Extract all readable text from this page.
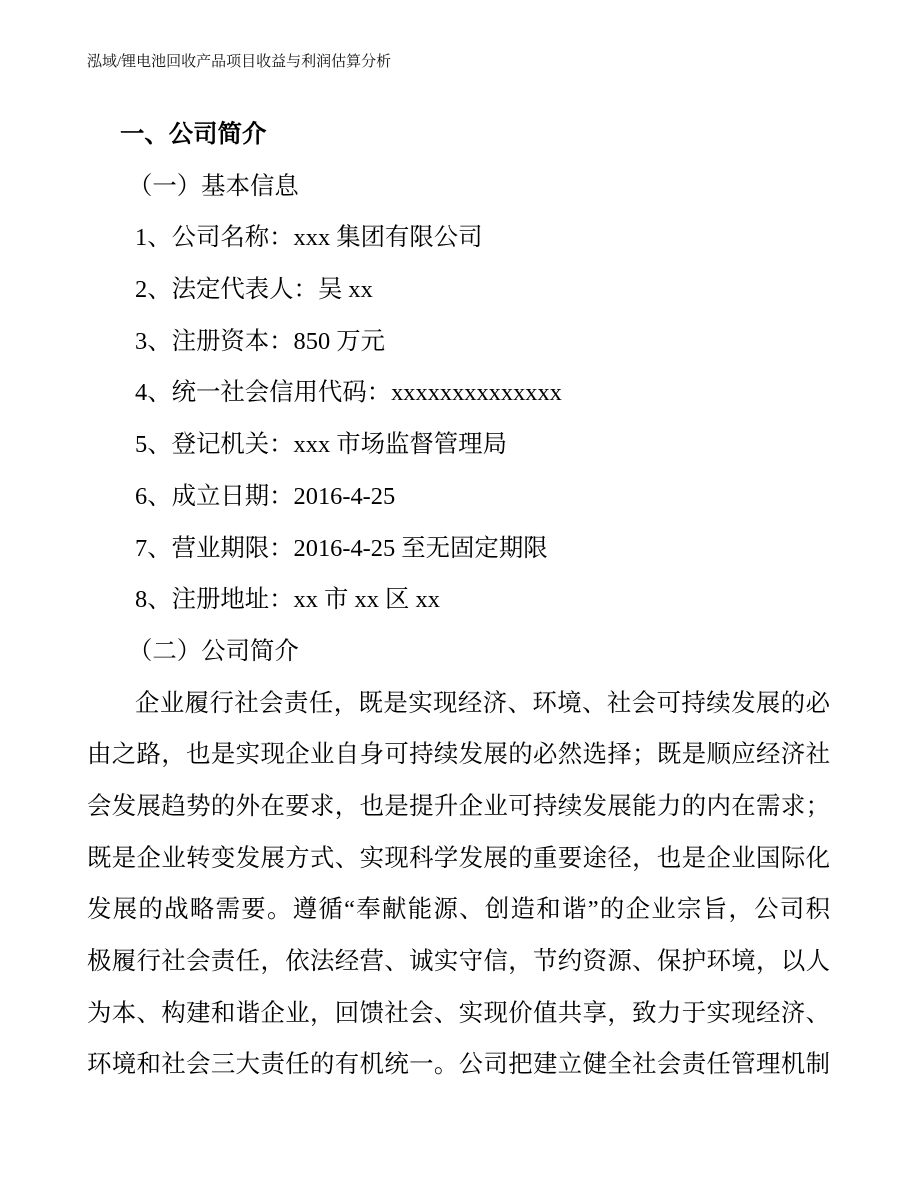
泓域/锂电池回收产品项目收益与利润估算分析
一、公司简介
（一）基本信息
1、公司名称：xxx 集团有限公司
2、法定代表人：吴 xx
3、注册资本：850 万元
4、统一社会信用代码：xxxxxxxxxxxxxx
5、登记机关：xxx 市场监督管理局
6、成立日期：2016-4-25
7、营业期限：2016-4-25 至无固定期限
8、注册地址：xx 市 xx 区 xx
（二）公司简介
企业履行社会责任，既是实现经济、环境、社会可持续发展的必
由之路，也是实现企业自身可持续发展的必然选择；既是顺应经济社
会发展趋势的外在要求，也是提升企业可持续发展能力的内在需求；
既是企业转变发展方式、实现科学发展的重要途径，也是企业国际化
发展的战略需要。遵循“奉献能源、创造和谐”的企业宗旨，公司积
极履行社会责任，依法经营、诚实守信，节约资源、保护环境，以人
为本、构建和谐企业，回馈社会、实现价值共享，致力于实现经济、
环境和社会三大责任的有机统一。公司把建立健全社会责任管理机制
